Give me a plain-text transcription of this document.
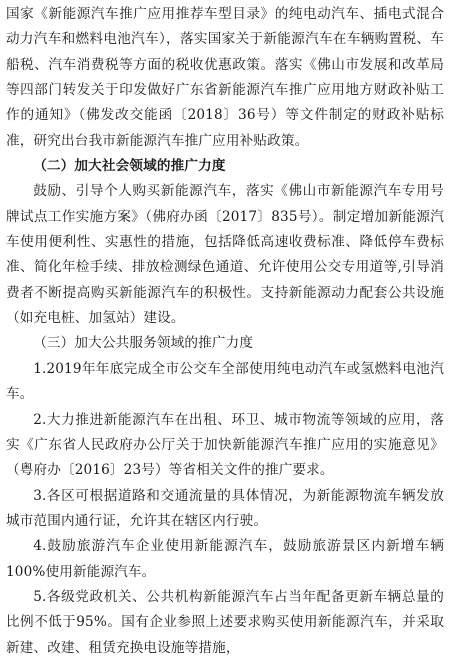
国家《新能源汽车推广应用推荐车型目录》的纯电动汽车、插电式混合动力汽车和燃料电池汽车），落实国家关于新能源汽车在车辆购置税、车船税、汽车消费税等方面的税收优惠政策。落实《佛山市发展和改革局等四部门转发关于印发做好广东省新能源汽车推广应用地方财政补贴工作的通知》（佛发改交能函〔2018〕36号）等文件制定的财政补贴标准，研究出台我市新能源汽车推广应用补贴政策。

（二）加大社会领域的推广力度

鼓励、引导个人购买新能源汽车，落实《佛山市新能源汽车专用号牌试点工作实施方案》（佛府办函〔2017〕835号）。制定增加新能源汽车使用便利性、实惠性的措施，包括降低高速收费标准、降低停车费标准、简化年检手续、排放检测绿色通道、允许使用公交专用道等,引导消费者不断提高购买新能源汽车的积极性。支持新能源动力配套公共设施（如充电桩、加氢站）建设。

（三）加大公共服务领域的推广力度

1.2019年年底完成全市公交车全部使用纯电动汽车或氢燃料电池汽车。

2.大力推进新能源汽车在出租、环卫、城市物流等领域的应用，落实《广东省人民政府办公厅关于加快新能源汽车推广应用的实施意见》（粤府办〔2016〕23号）等省相关文件的推广要求。

3.各区可根据道路和交通流量的具体情况，为新能源物流车辆发放城市范围内通行证，允许其在辖区内行驶。

4.鼓励旅游汽车企业使用新能源汽车，鼓励旅游景区内新增车辆100%使用新能源汽车。

5.各级党政机关、公共机构新能源汽车占当年配备更新车辆总量的比例不低于95%。国有企业参照上述要求购买使用新能源汽车，并采取新建、改建、租赁充换电设施等措施，
